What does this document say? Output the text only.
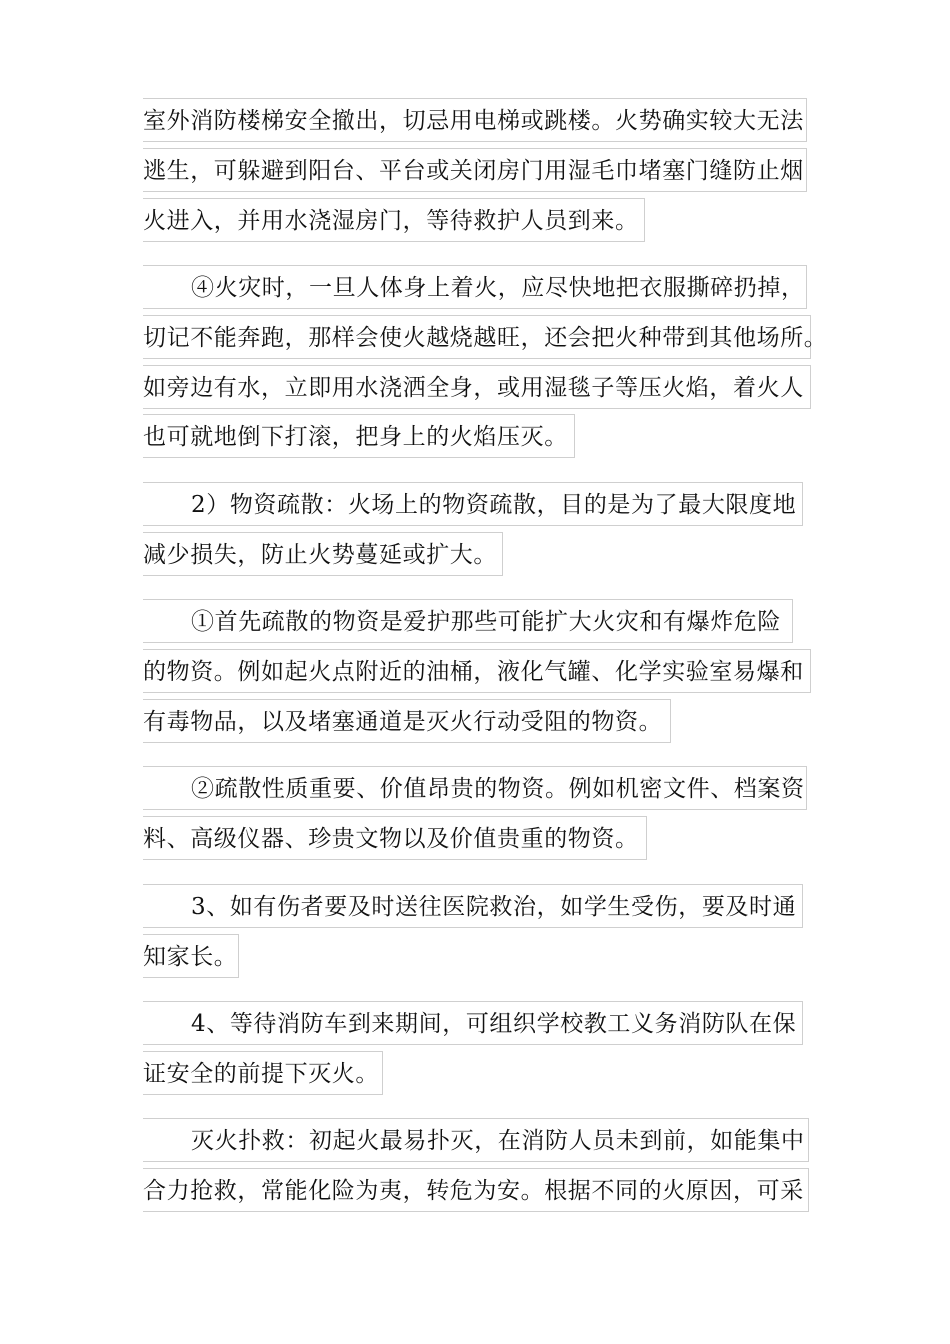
室外消防楼梯安全撤出，切忌用电梯或跳楼。火势确实较大无法
逃生，可躲避到阳台、平台或关闭房门用湿毛巾堵塞门缝防止烟
火进入，并用水浇湿房门，等待救护人员到来。
④火灾时，一旦人体身上着火，应尽快地把衣服撕碎扔掉，
切记不能奔跑，那样会使火越烧越旺，还会把火种带到其他场所。
如旁边有水，立即用水浇洒全身，或用湿毯子等压火焰，着火人
也可就地倒下打滚，把身上的火焰压灭。
2）物资疏散：火场上的物资疏散，目的是为了最大限度地
减少损失，防止火势蔓延或扩大。
①首先疏散的物资是爱护那些可能扩大火灾和有爆炸危险
的物资。例如起火点附近的油桶，液化气罐、化学实验室易爆和
有毒物品，以及堵塞通道是灭火行动受阻的物资。
②疏散性质重要、价值昂贵的物资。例如机密文件、档案资
料、高级仪器、珍贵文物以及价值贵重的物资。
3、如有伤者要及时送往医院救治，如学生受伤，要及时通
知家长。
4、等待消防车到来期间，可组织学校教工义务消防队在保
证安全的前提下灭火。
灭火扑救：初起火最易扑灭，在消防人员未到前，如能集中
合力抢救，常能化险为夷，转危为安。根据不同的火原因，可采
